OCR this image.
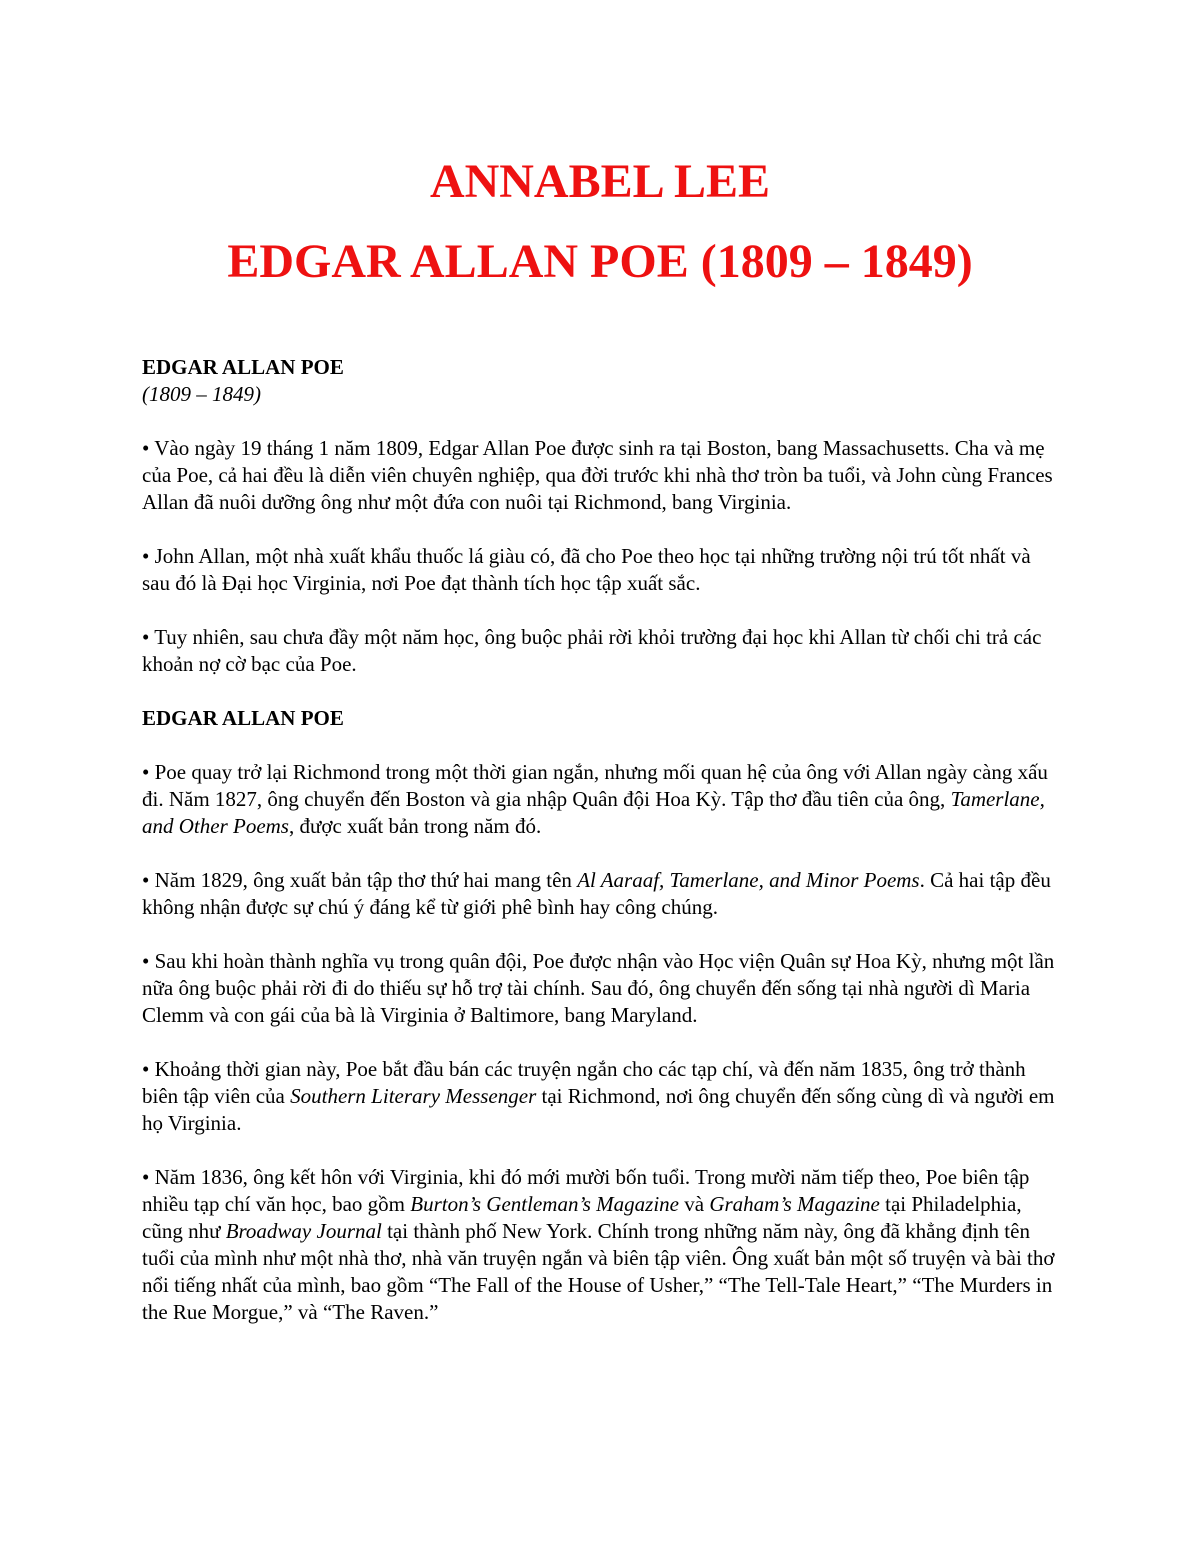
ANNABEL LEE
EDGAR ALLAN POE (1809 – 1849)

EDGAR ALLAN POE

(1809 – 1849)

• Vào ngày 19 tháng 1 năm 1809, Edgar Allan Poe được sinh ra tại Boston, bang Massachusetts. Cha và mẹ của Poe, cả hai đều là diễn viên chuyên nghiệp, qua đời trước khi nhà thơ tròn ba tuổi, và John cùng Frances Allan đã nuôi dưỡng ông như một đứa con nuôi tại Richmond, bang Virginia.

• John Allan, một nhà xuất khẩu thuốc lá giàu có, đã cho Poe theo học tại những trường nội trú tốt nhất và sau đó là Đại học Virginia, nơi Poe đạt thành tích học tập xuất sắc.

• Tuy nhiên, sau chưa đầy một năm học, ông buộc phải rời khỏi trường đại học khi Allan từ chối chi trả các khoản nợ cờ bạc của Poe.

EDGAR ALLAN POE

• Poe quay trở lại Richmond trong một thời gian ngắn, nhưng mối quan hệ của ông với Allan ngày càng xấu đi. Năm 1827, ông chuyển đến Boston và gia nhập Quân đội Hoa Kỳ. Tập thơ đầu tiên của ông, Tamerlane, and Other Poems, được xuất bản trong năm đó.

• Năm 1829, ông xuất bản tập thơ thứ hai mang tên Al Aaraaf, Tamerlane, and Minor Poems. Cả hai tập đều không nhận được sự chú ý đáng kể từ giới phê bình hay công chúng.

• Sau khi hoàn thành nghĩa vụ trong quân đội, Poe được nhận vào Học viện Quân sự Hoa Kỳ, nhưng một lần nữa ông buộc phải rời đi do thiếu sự hỗ trợ tài chính. Sau đó, ông chuyển đến sống tại nhà người dì Maria Clemm và con gái của bà là Virginia ở Baltimore, bang Maryland.

• Khoảng thời gian này, Poe bắt đầu bán các truyện ngắn cho các tạp chí, và đến năm 1835, ông trở thành biên tập viên của Southern Literary Messenger tại Richmond, nơi ông chuyển đến sống cùng dì và người em họ Virginia.

• Năm 1836, ông kết hôn với Virginia, khi đó mới mười bốn tuổi. Trong mười năm tiếp theo, Poe biên tập nhiều tạp chí văn học, bao gồm Burton’s Gentleman’s Magazine và Graham’s Magazine tại Philadelphia, cũng như Broadway Journal tại thành phố New York. Chính trong những năm này, ông đã khẳng định tên tuổi của mình như một nhà thơ, nhà văn truyện ngắn và biên tập viên. Ông xuất bản một số truyện và bài thơ nổi tiếng nhất của mình, bao gồm “The Fall of the House of Usher,” “The Tell-Tale Heart,” “The Murders in the Rue Morgue,” và “The Raven.”
